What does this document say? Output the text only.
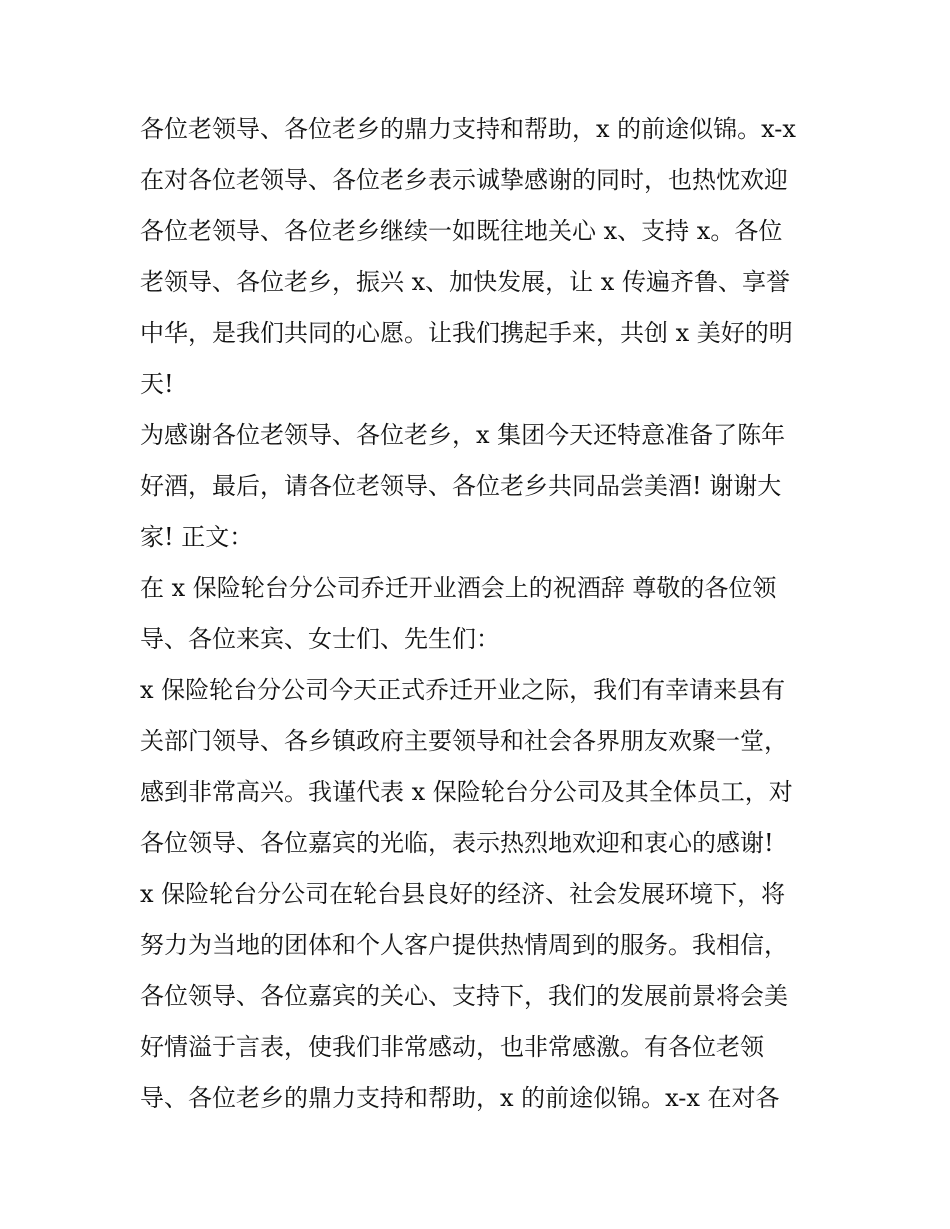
各位老领导、各位老乡的鼎力支持和帮助，x 的前途似锦。x-x
在对各位老领导、各位老乡表示诚挚感谢的同时，也热忱欢迎
各位老领导、各位老乡继续一如既往地关心 x、支持 x。各位
老领导、各位老乡，振兴 x、加快发展，让 x 传遍齐鲁、享誉
中华，是我们共同的心愿。让我们携起手来，共创 x 美好的明
天!
为感谢各位老领导、各位老乡，x 集团今天还特意准备了陈年
好酒，最后，请各位老领导、各位老乡共同品尝美酒! 谢谢大
家! 正文：
在 x 保险轮台分公司乔迁开业酒会上的祝酒辞 尊敬的各位领
导、各位来宾、女士们、先生们：
x 保险轮台分公司今天正式乔迁开业之际，我们有幸请来县有
关部门领导、各乡镇政府主要领导和社会各界朋友欢聚一堂，
感到非常高兴。我谨代表 x 保险轮台分公司及其全体员工，对
各位领导、各位嘉宾的光临，表示热烈地欢迎和衷心的感谢!
x 保险轮台分公司在轮台县良好的经济、社会发展环境下，将
努力为当地的团体和个人客户提供热情周到的服务。我相信，
各位领导、各位嘉宾的关心、支持下，我们的发展前景将会美
好情溢于言表，使我们非常感动，也非常感激。有各位老领
导、各位老乡的鼎力支持和帮助，x 的前途似锦。x-x 在对各
